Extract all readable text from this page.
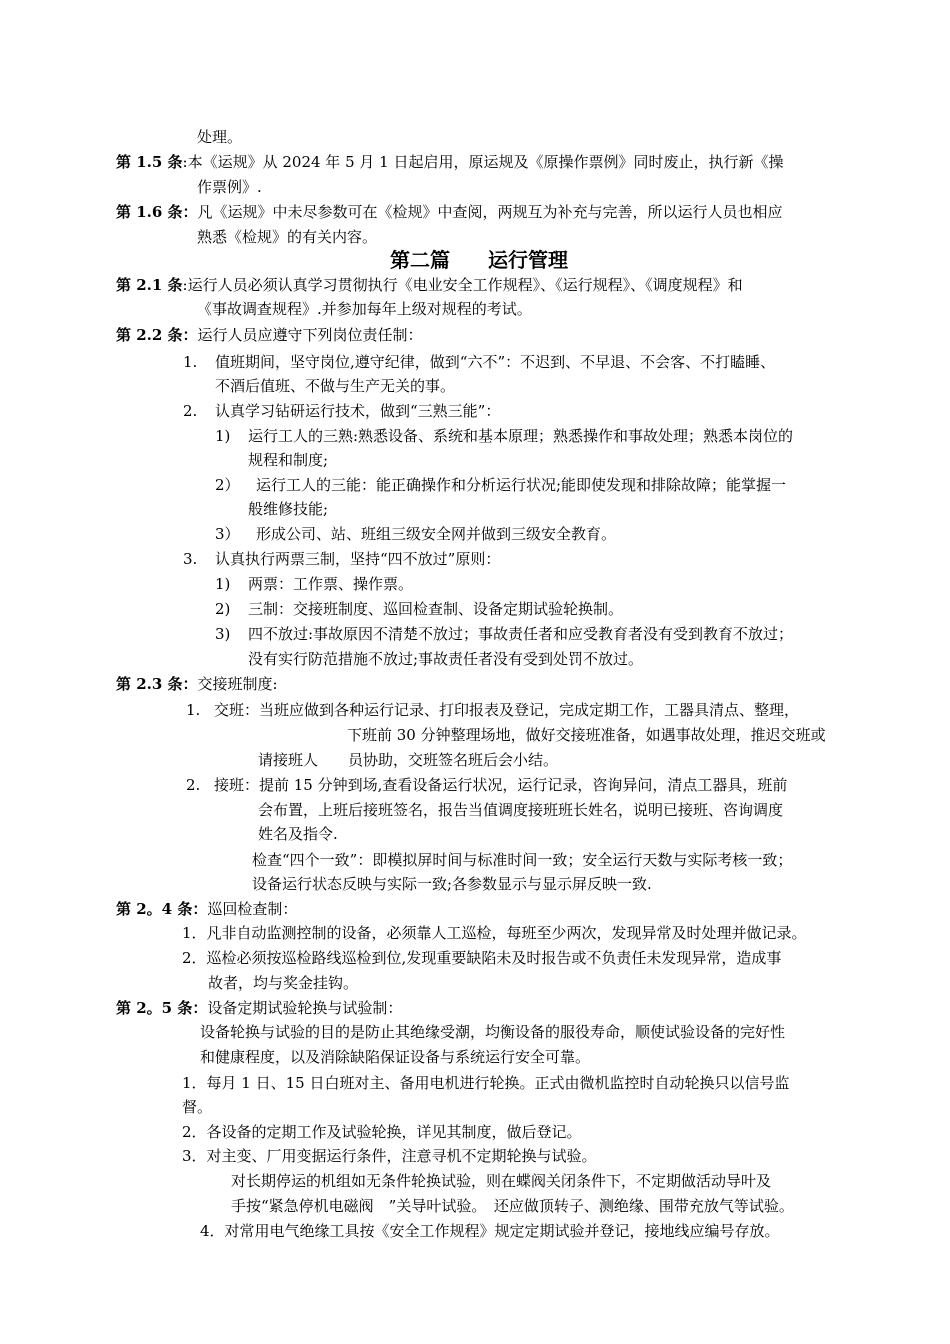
处理。
第 1.5 条:本《运规》从 2024 年 5 月 1 日起启用，原运规及《原操作票例》同时废止，执行新《操
作票例》.
第 1.6 条：凡《运规》中未尽参数可在《检规》中查阅，两规互为补充与完善，所以运行人员也相应
熟悉《检规》的有关内容。
第二篇 运行管理
第 2.1 条:运行人员必须认真学习贯彻执行《电业安全工作规程》、《运行规程》、《调度规程》和
《事故调查规程》.并参加每年上级对规程的考试。
第 2.2 条：运行人员应遵守下列岗位责任制：
1. 值班期间，坚守岗位,遵守纪律，做到“六不”：不迟到、不早退、不会客、不打瞌睡、
不酒后值班、不做与生产无关的事。
2. 认真学习钻研运行技术，做到“三熟三能”：
1) 运行工人的三熟:熟悉设备、系统和基本原理；熟悉操作和事故处理；熟悉本岗位的
规程和制度;
2） 运行工人的三能：能正确操作和分析运行状况;能即使发现和排除故障；能掌握一
般维修技能;
3） 形成公司、站、班组三级安全网并做到三级安全教育。
3. 认真执行两票三制，坚持“四不放过”原则：
1) 两票：工作票、操作票。
2) 三制：交接班制度、巡回检查制、设备定期试验轮换制。
3) 四不放过:事故原因不清楚不放过；事故责任者和应受教育者没有受到教育不放过；
没有实行防范措施不放过;事故责任者没有受到处罚不放过。
第 2.3 条：交接班制度:
1. 交班：当班应做到各种运行记录、打印报表及登记，完成定期工作，工器具清点、整理，
下班前 30 分钟整理场地，做好交接班准备，如遇事故处理，推迟交班或
请接班人　　员协助，交班签名班后会小结。
2. 接班：提前 15 分钟到场,查看设备运行状况，运行记录，咨询异问，清点工器具，班前
会布置，上班后接班签名，报告当值调度接班班长姓名，说明已接班、咨询调度
姓名及指令.
检查“四个一致”：即模拟屏时间与标准时间一致；安全运行天数与实际考核一致；
设备运行状态反映与实际一致;各参数显示与显示屏反映一致.
第 2。4 条：巡回检查制：
1．凡非自动监测控制的设备，必须靠人工巡检，每班至少两次，发现异常及时处理并做记录。
2．巡检必须按巡检路线巡检到位,发现重要缺陷未及时报告或不负责任未发现异常，造成事
故者，均与奖金挂钩。
第 2。5 条：设备定期试验轮换与试验制：
设备轮换与试验的目的是防止其绝缘受潮，均衡设备的服役寿命，顺使试验设备的完好性
和健康程度，以及消除缺陷保证设备与系统运行安全可靠。
1．每月 1 日、15 日白班对主、备用电机进行轮换。正式由微机监控时自动轮换只以信号监
督。
2．各设备的定期工作及试验轮换，详见其制度，做后登记。
3．对主变、厂用变据运行条件，注意寻机不定期轮换与试验。
对长期停运的机组如无条件轮换试验，则在蝶阀关闭条件下，不定期做活动导叶及
手按“紧急停机电磁阀　”关导叶试验。　还应做顶转子、测绝缘、围带充放气等试验。
4．对常用电气绝缘工具按《安全工作规程》规定定期试验并登记，接地线应编号存放。
